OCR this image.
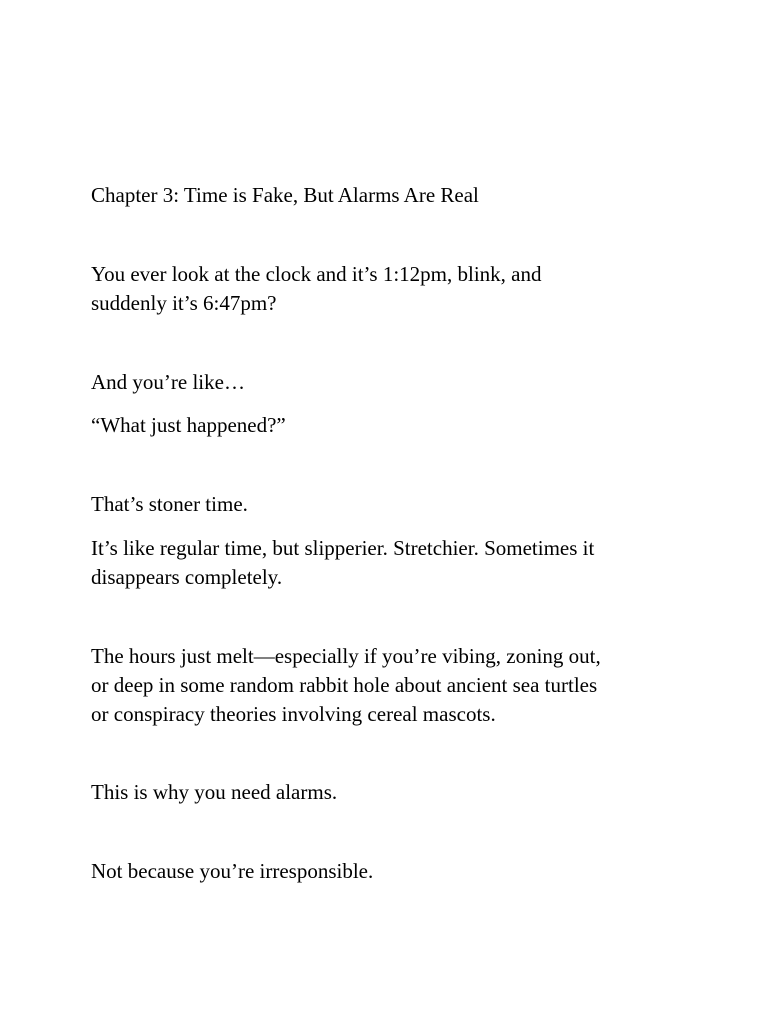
Chapter 3: Time is Fake, But Alarms Are Real

You ever look at the clock and it’s 1:12pm, blink, and

suddenly it’s 6:47pm?

And you’re like…

“What just happened?”

That’s stoner time.

It’s like regular time, but slipperier. Stretchier. Sometimes it

disappears completely.

The hours just melt—especially if you’re vibing, zoning out,

or deep in some random rabbit hole about ancient sea turtles

or conspiracy theories involving cereal mascots.

This is why you need alarms.

Not because you’re irresponsible.
